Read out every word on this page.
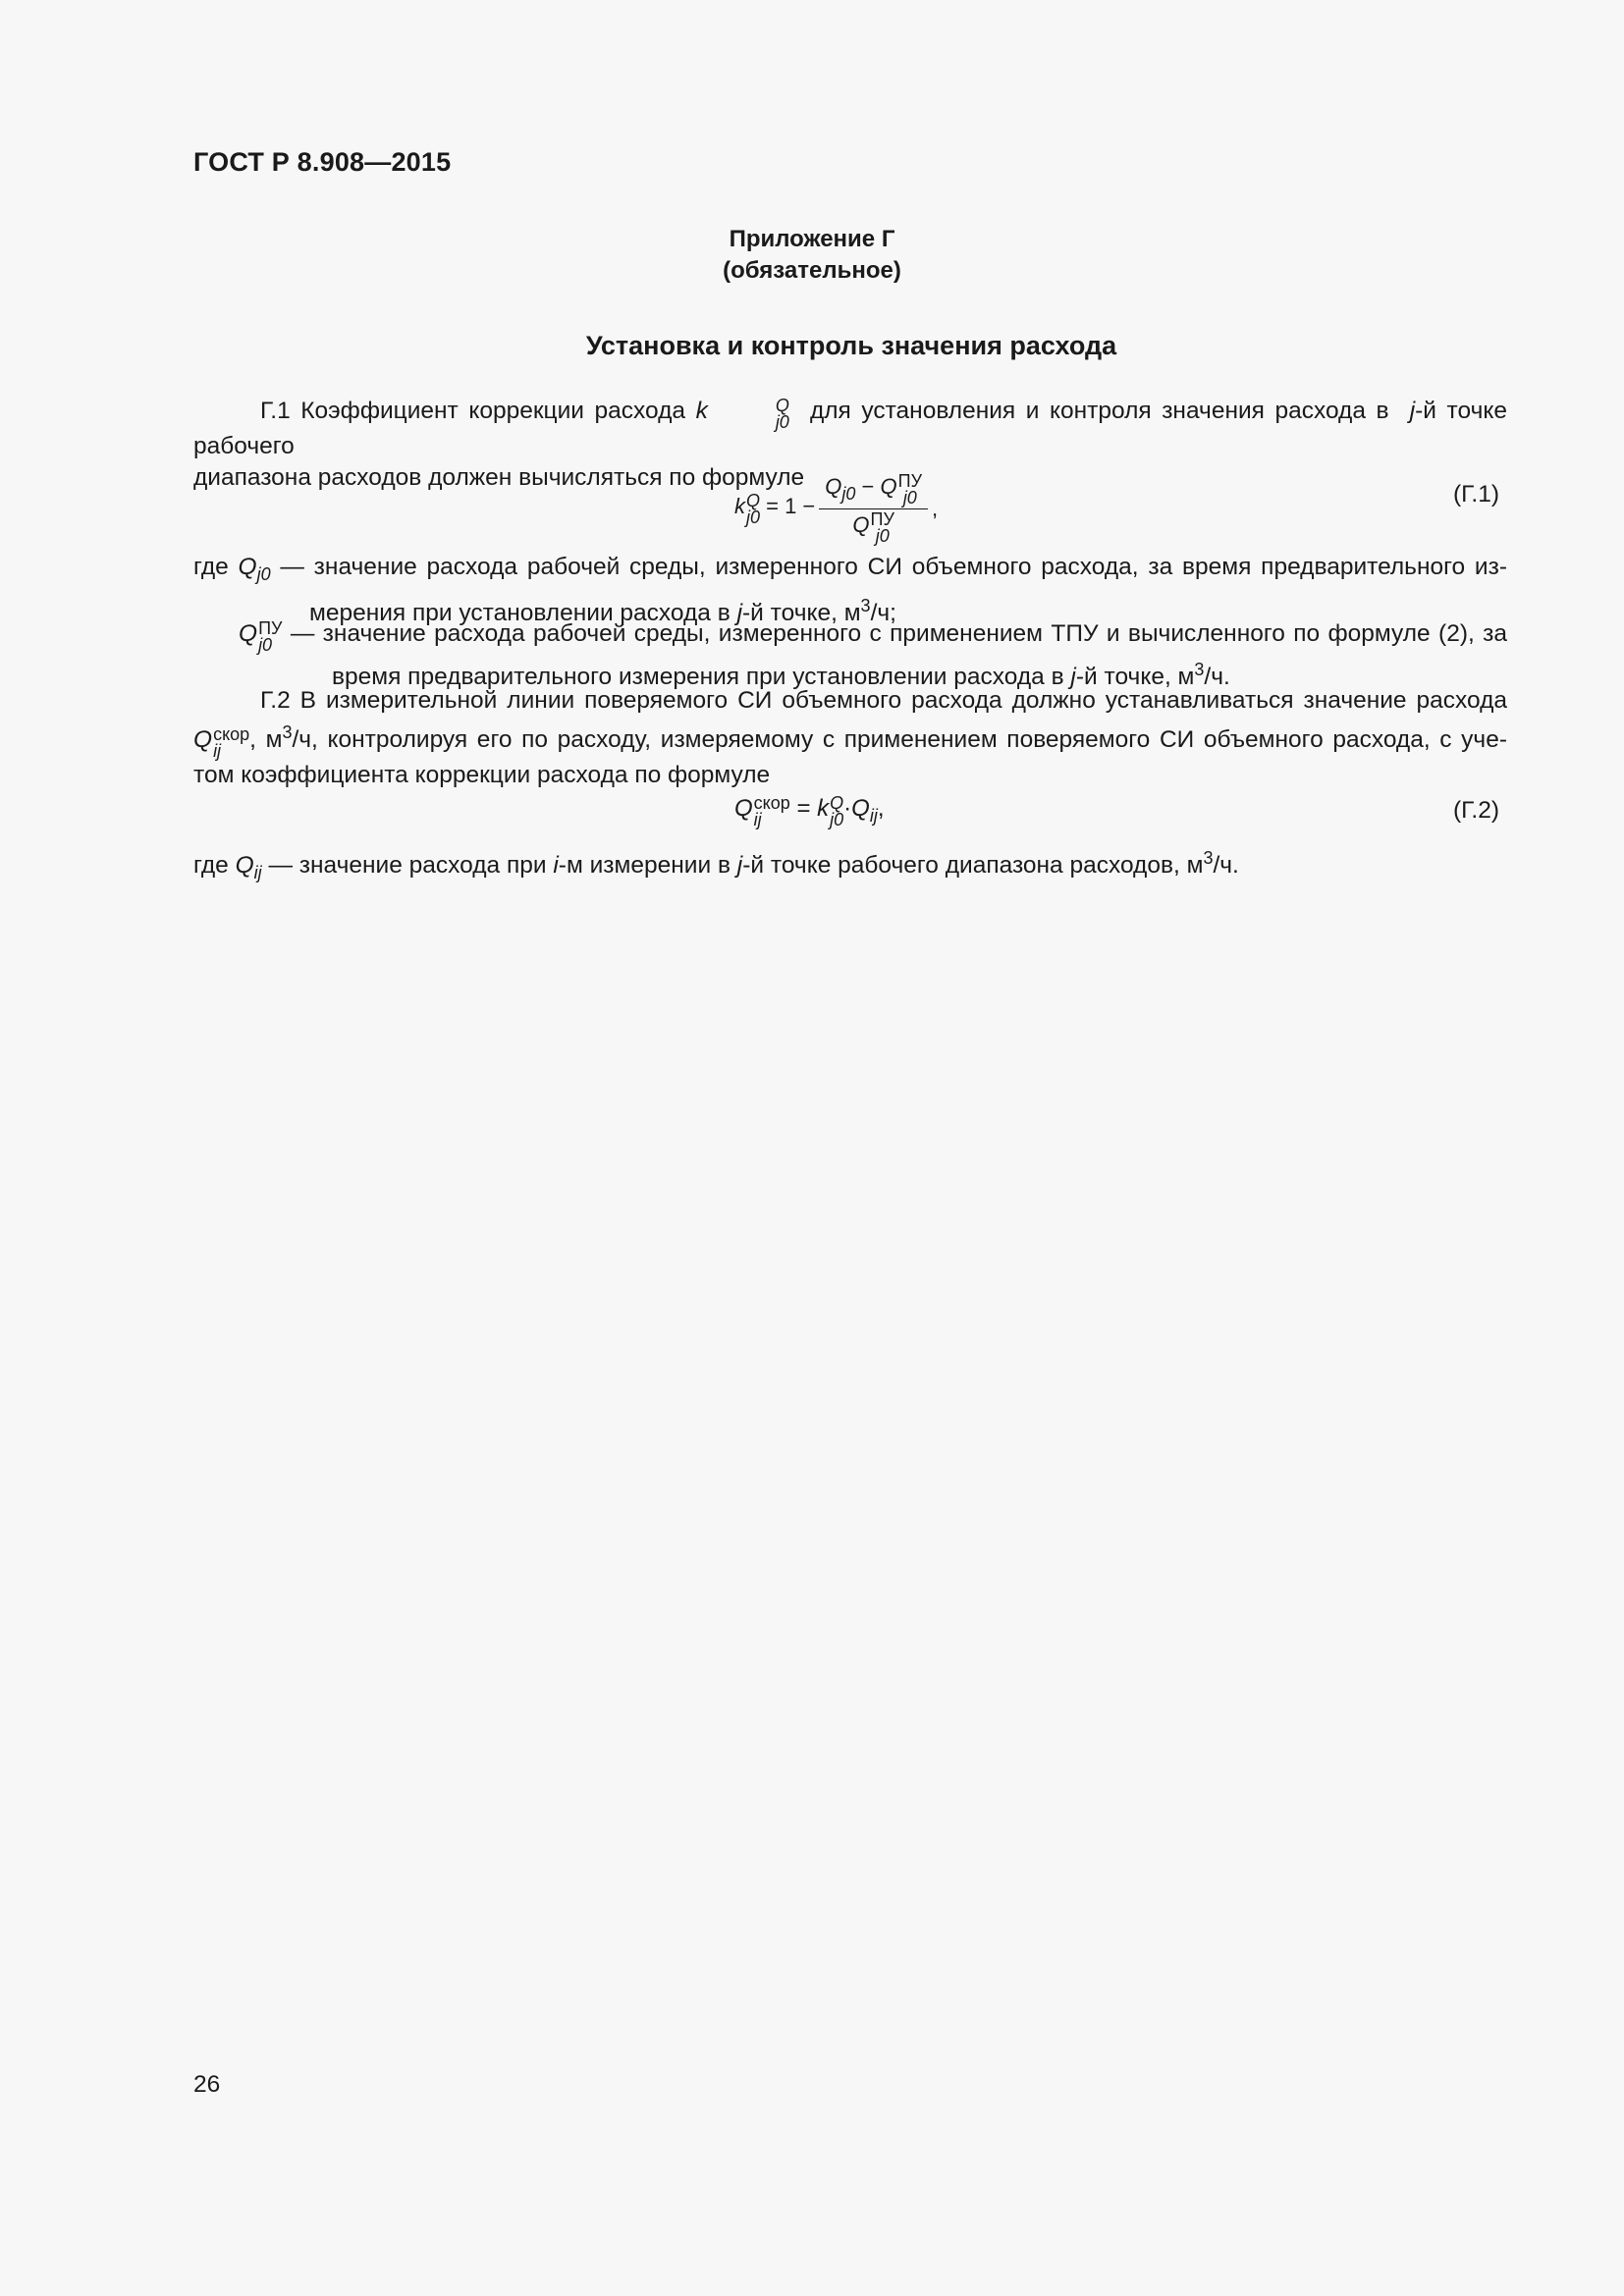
ГОСТ Р 8.908—2015
Приложение Г
(обязательное)
Установка и контроль значения расхода
Г.1 Коэффициент коррекции расхода k	Q
j0 для установления и контроля значения расхода в j-й точке рабочего
диапазона расходов должен вычисляться по формуле
k Q
$j0 = 1 - Q_{j0} - Q$ ПУ
j0
Q ПУ
j0 ,
(Г.1)
где $Q_{j0}$ — значение расхода рабочей среды, измеренного СИ объемного расхода, за время предварительного из-
мерения при установлении расхода в j-й точке, $м^3/ч$;
Q ПУ
j0 — значение расхода рабочей среды, измеренного с применением ТПУ и вычисленного по формуле (2), за
время предварительного измерения при установлении расхода в j-й точке, $м^3/ч$.
Г.2 В измерительной линии поверяемого СИ объемного расхода должно устанавливаться значение расхода
Q скор
ij	, $м^3/ч$, контролируя его по расходу, измеряемому с применением поверяемого СИ объемного расхода, с уче-
том коэффициента коррекции расхода по формуле
Q скор
ij	= k Q
$j0 \cdot Q_{ij}$,	(Г.2)
где $Q_{ij}$ — значение расхода при i-м измерении в j-й точке рабочего диапазона расходов, $м^3/ч$.
26
